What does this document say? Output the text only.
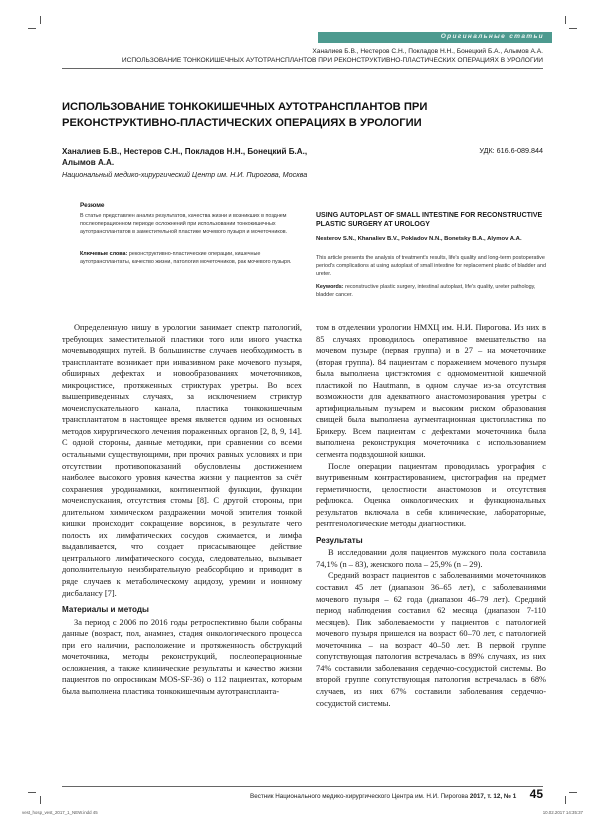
Оригинальные статьи
Ханалиев Б.В., Нестеров С.Н., Поклaдов Н.Н., Бонецкий Б.А., Алымов А.А.
ИСПОЛЬЗОВАНИЕ ТОНКОКИШЕЧНЫХ АУТОТРАНСПЛАНТОВ ПРИ РЕКОНСТРУКТИВНО-ПЛАСТИЧЕСКИХ ОПЕРАЦИЯХ В УРОЛОГИИ
ИСПОЛЬЗОВАНИЕ ТОНКОКИШЕЧНЫХ АУТОТРАНСПЛАНТОВ ПРИ РЕКОНСТРУКТИВНО-ПЛАСТИЧЕСКИХ ОПЕРАЦИЯХ В УРОЛОГИИ
Ханалиев Б.В., Нестеров С.Н., Поклaдов Н.Н., Бонецкий Б.А., Алымов А.А.
Национальный медико-хирургический Центр им. Н.И. Пирогова, Москва
УДК: 616.6-089.844
Резюме
В статье представлен анализ результатов, качества жизни и возникших в позднем послеоперационном периоде осложнений при использовании тонкокишечных аутотрансплантатов в заместительной пластике мочевого пузыря и мочеточников.
Ключевые слова: реконструктивно-пластические операции, кишечные аутотрансплантаты, качество жизни, патология мочеточников, рак мочевого пузыря.
USING AUTOPLAST OF SMALL INTESTINE FOR RECONSTRUCTIVE PLASTIC SURGERY AT UROLOGY
Nesterov S.N., Khanaliev B.V., Pokladov N.N., Bonetsky B.A., Alymov A.A.
This article presents the analysis of treatment's results, life's quality and long-term postoperative period's complications at using autoplast of small intestine for replacement plastic of bladder and ureter.
Keywords: reconstructive plastic surgery, intestinal autoplast, life's quality, ureter pathology, bladder cancer.

Определенную нишу в урологии занимает спектр патологий, требующих заместительной пластики того или иного участка мочевыводящих путей. В большинстве случаев необходимость в трансплантате возникает при инвазивном раке мочевого пузыря, обширных дефектах и новообразованиях мочеточников, микроцистисе, протяженных стриктурах уретры. Во всех вышеприведенных случаях, за исключением стриктур мочеиспускательного канала, пластика тонкокишечным трансплантатом в настоящее время является одним из основных методов хирургического лечения пораженных органов [2, 8, 9, 14]. С одной стороны, данные методики, при сравнении со всеми остальными существующими, при прочих равных условиях и при отсутствии противопоказаний обусловлены достижением наиболее высокого уровня качества жизни у пациентов за счёт сохранения уродинамики, континентной функции, функции мочеиспускания, отсутствия стомы [8]. С другой стороны, при длительном химическом раздражении мочой эпителия тонкой кишки происходит сокращение ворсинок, в результате чего полость их лимфатических сосудов сжимается, и лимфа выдавливается, что создает присасывающее действие центрального лимфатического сосуда, следовательно, вызывает дополнительную неизбирательную реабсорбцию и приводит в ряде случаев к метаболическому ацидозу, уремии и ионному дисбалансу [7].

Материалы и методы

За период с 2006 по 2016 годы ретроспективно были собраны данные (возраст, пол, анамнез, стадия онкологического процесса при его наличии, расположение и протяженность обструкций мочеточника, методы реконструкций, послеоперационные осложнения, а также клинические результаты и качество жизни пациентов по опросникам MOS-SF-36) о 112 пациентах, которым была выполнена пластика тонкокишечным аутотранспланта-

том в отделении урологии НМХЦ им. Н.И. Пирогова. Из них в 85 случаях проводилось оперативное вмешательство на мочевом пузыре (первая группа) и в 27 – на мочеточнике (вторая группа). 84 пациентам с поражением мочевого пузыря была выполнена цистэктомия с одномоментной кишечной пластикой по Hautmann, в одном случае из-за отсутствия возможности для адекватного анастомозирования уретры с артифициальным пузырем и высоким риском образования свищей была выполнена аугментационная цистопластика по Брикеру. Всем пациентам с дефектами мочеточника была выполнена реконструкция мочеточника с использованием сегмента подвздошной кишки.

После операции пациентам проводилась урография с внутривенным контрастированием, цистография на предмет герметичности, целостности анастомозов и отсутствия рефлюкса. Оценка онкологических и функциональных результатов включала в себя клинические, лабораторные, рентгенологические методы диагностики.

Результаты

В исследовании доля пациентов мужского пола составила 74,1% (n – 83), женского пола – 25,9% (n – 29).

Средний возраст пациентов с заболеваниями мочеточников составил 45 лет (диапазон 36–65 лет), с заболеваниями мочевого пузыря – 62 года (диапазон 46–79 лет). Средний период наблюдения составил 62 месяца (диапазон 7-110 месяцев). Пик заболеваемости у пациентов с патологией мочевого пузыря пришелся на возраст 60–70 лет, с патологией мочеточника – на возраст 40–50 лет. В первой группе сопутствующая патология встречалась в 89% случаях, из них 74% составили заболевания сердечно-сосудистой системы. Во второй группе сопутствующая патология встречалась в 68% случаев, из них 67% составили заболевания сердечно-сосудистой системы.

Вестник Национального медико-хирургического Центра им. Н.И. Пирогова 2017, т. 12, № 1 45
vest_hosp_vest_2017_1_NEW.indd 45	10.02.2017 14:35:37
